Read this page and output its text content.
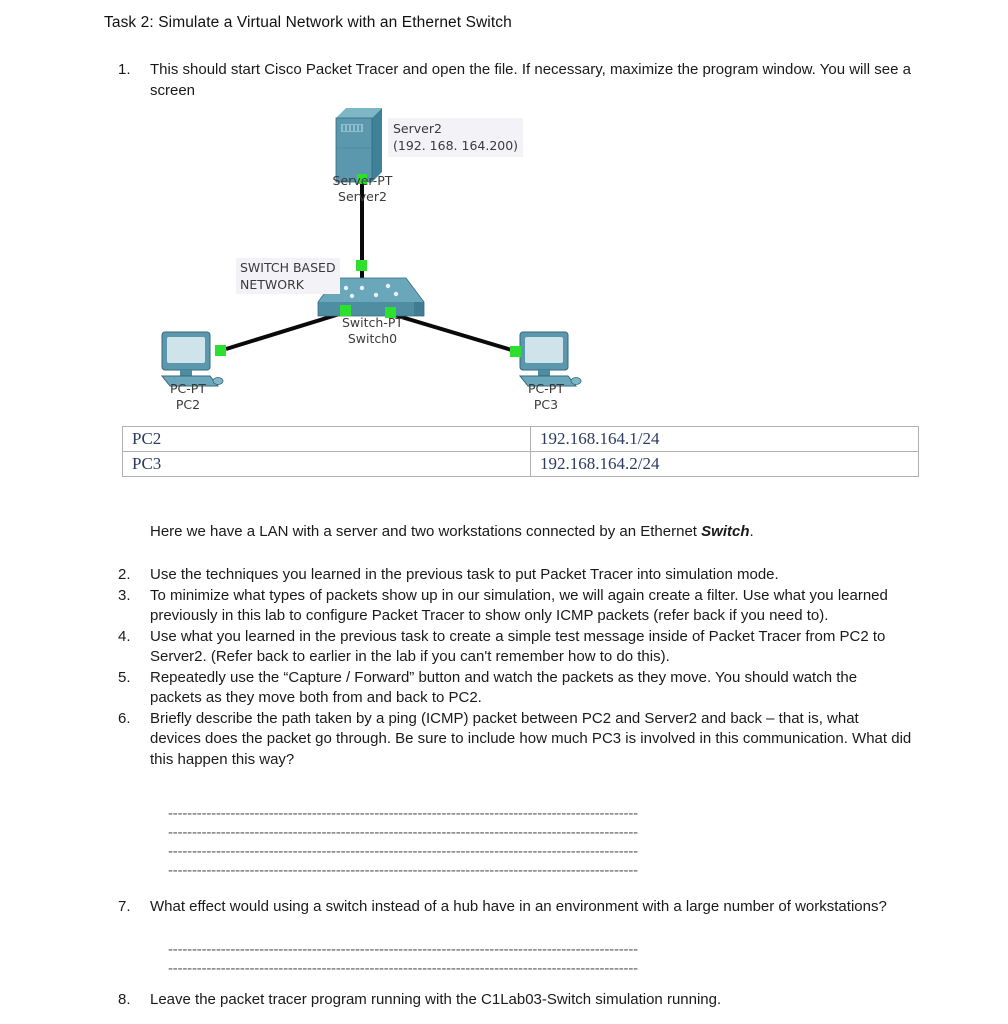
Task 2: Simulate a Virtual Network with an Ethernet Switch
1.	This should start Cisco Packet Tracer and open the file. If necessary, maximize the program window. You will see a screen
Server2
(192. 168. 164.200)
Server-PT
Server2
SWITCH BASED
NETWORK
Switch-PT
Switch0
PC-PT
PC2
PC-PT
PC3
PC2	192.168.164.1/24
PC3	192.168.164.2/24
Here we have a LAN with a server and two workstations connected by an Ethernet Switch.
2.	Use the techniques you learned in the previous task to put Packet Tracer into simulation mode.
3.	To minimize what types of packets show up in our simulation, we will again create a filter. Use what you learned previously in this lab to configure Packet Tracer to show only ICMP packets (refer back if you need to).
4.	Use what you learned in the previous task to create a simple test message inside of Packet Tracer from PC2 to Server2. (Refer back to earlier in the lab if you can't remember how to do this).
5.	Repeatedly use the “Capture / Forward” button and watch the packets as they move. You should watch the packets as they move both from and back to PC2.
6.	Briefly describe the path taken by a ping (ICMP) packet between PC2 and Server2 and back – that is, what devices does the packet go through. Be sure to include how much PC3 is involved in this communication. What did this happen this way?
--------------------------------------------------------------------------------------------------
--------------------------------------------------------------------------------------------------
--------------------------------------------------------------------------------------------------
--------------------------------------------------------------------------------------------------
7.	What effect would using a switch instead of a hub have in an environment with a large number of workstations?
--------------------------------------------------------------------------------------------------
--------------------------------------------------------------------------------------------------
8.	Leave the packet tracer program running with the C1Lab03-Switch simulation running.
